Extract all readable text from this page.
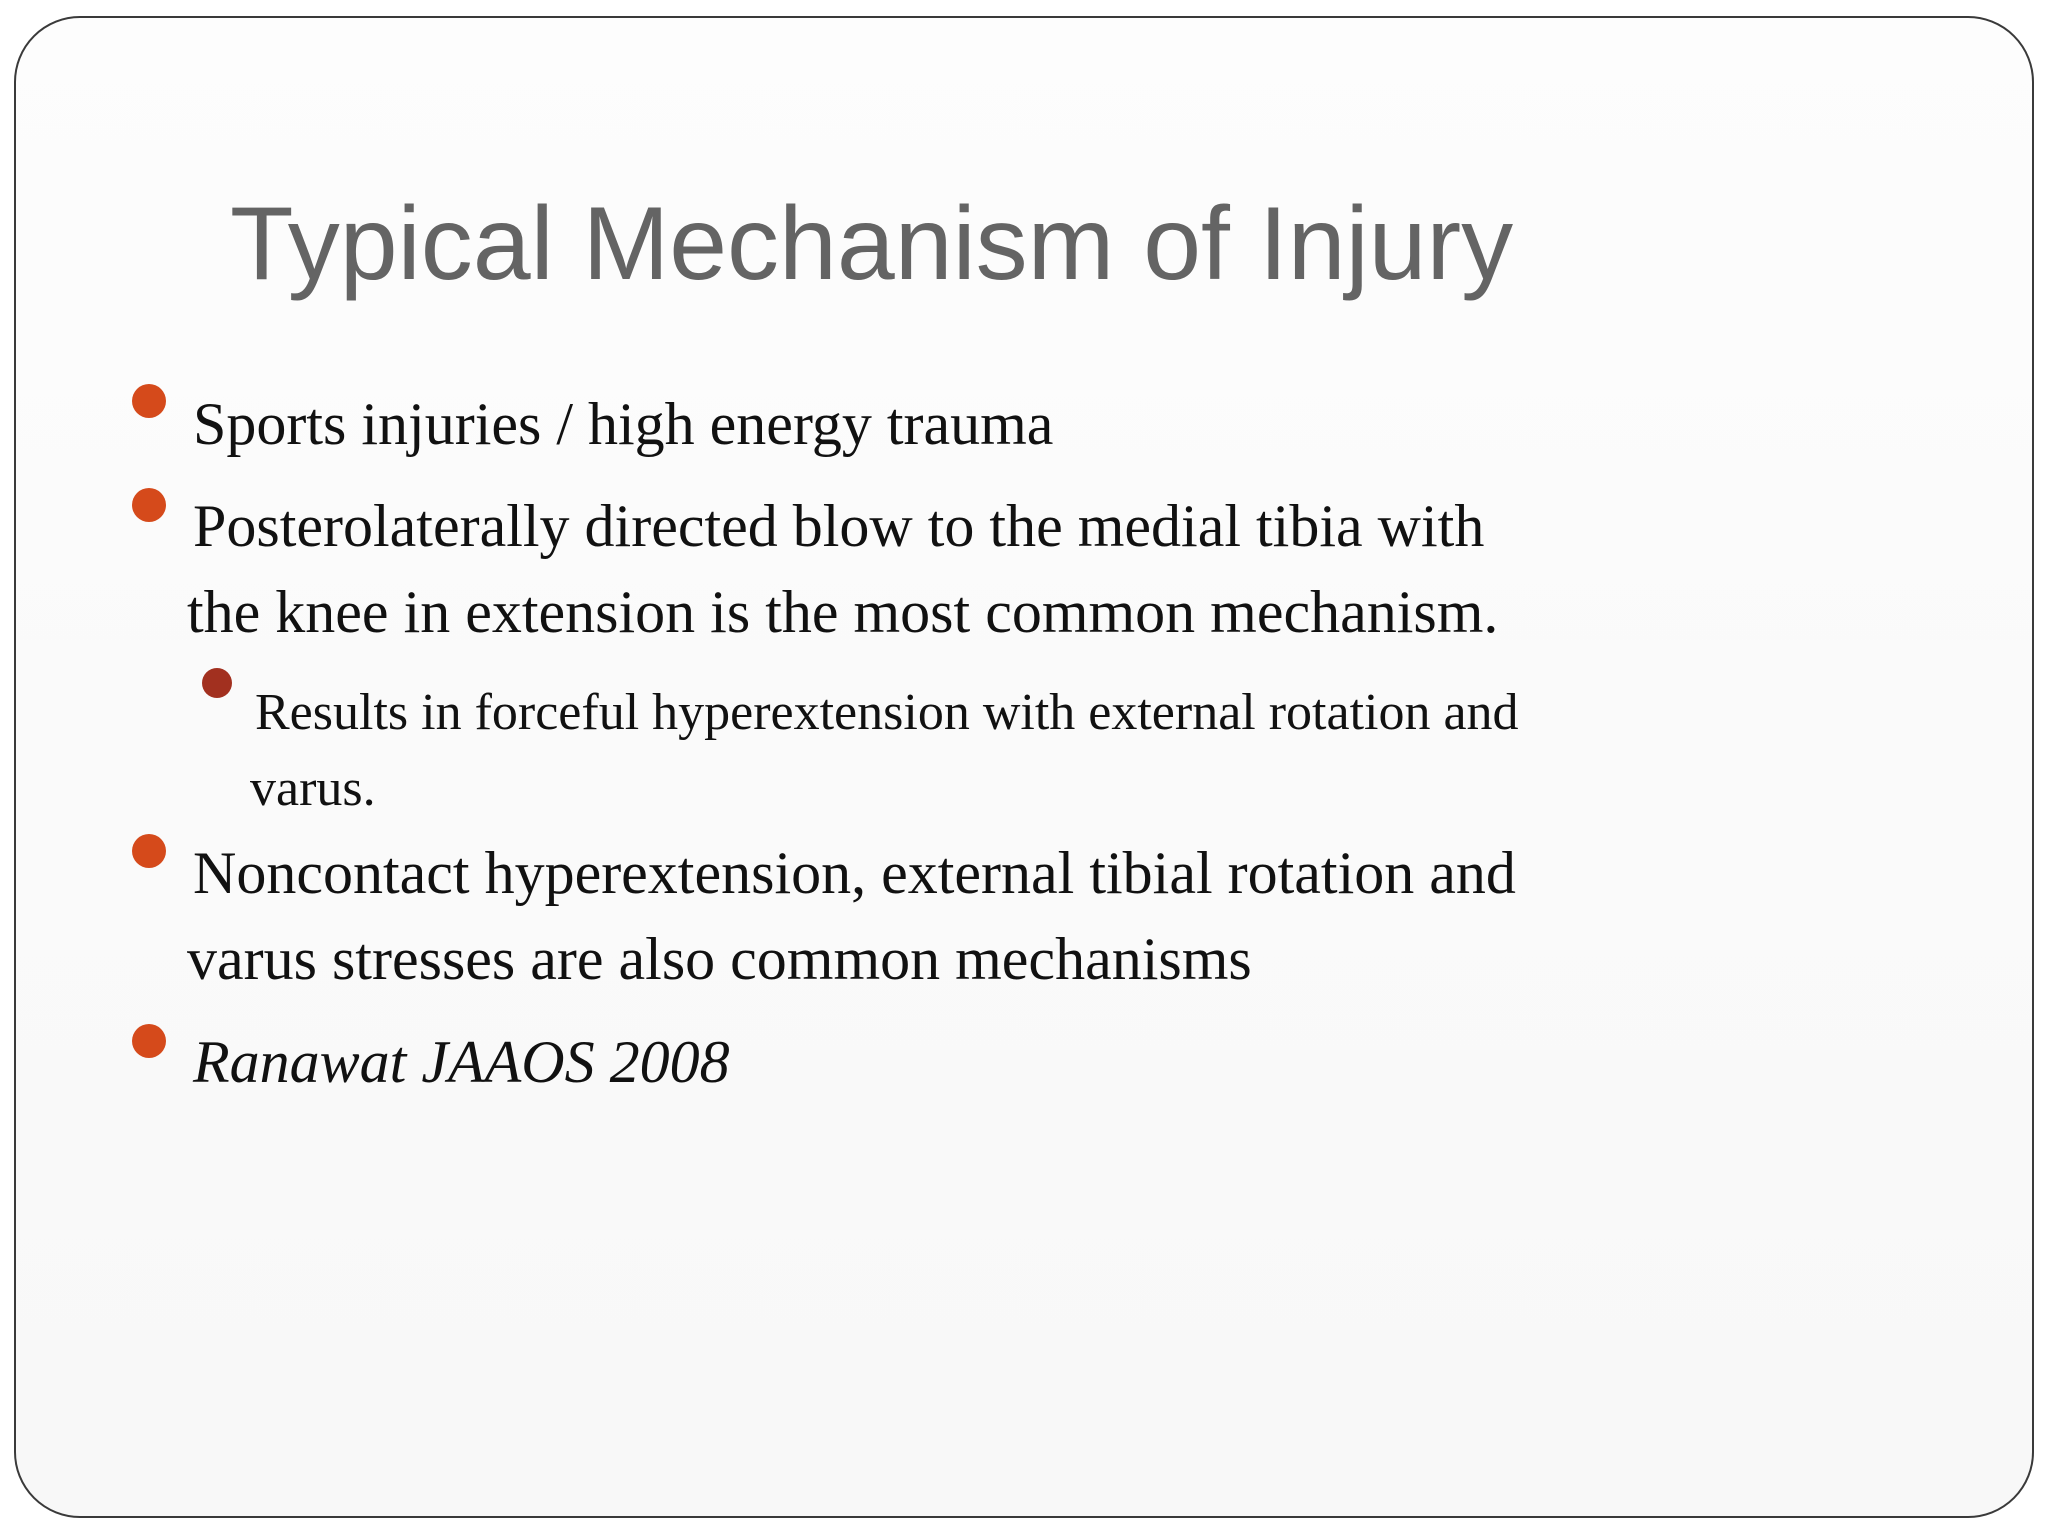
Typical Mechanism of Injury

Sports injuries / high energy trauma

Posterolaterally directed blow to the medial tibia with

the knee in extension is the most common mechanism.

Results in forceful hyperextension with external rotation and

varus.

Noncontact hyperextension, external tibial rotation and

varus stresses are also common mechanisms

Ranawat JAAOS 2008
